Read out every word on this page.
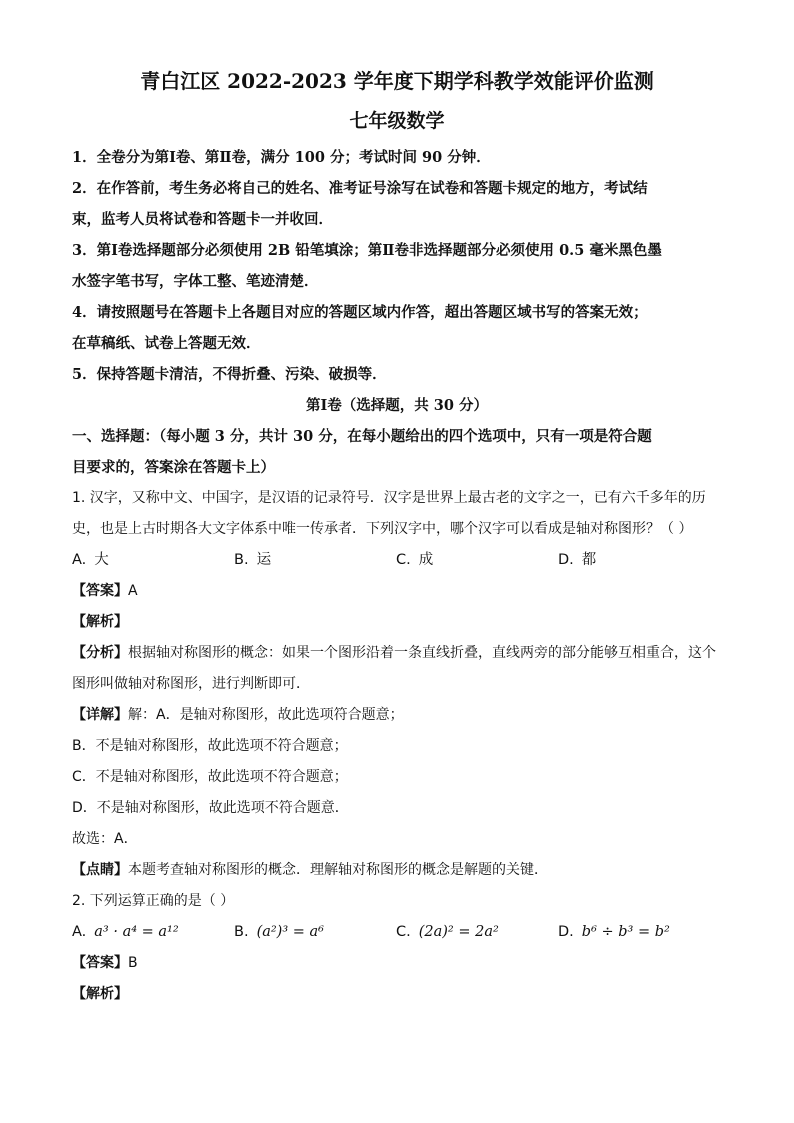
青白江区 2022-2023 学年度下期学科教学效能评价监测

七年级数学

1．全卷分为第Ⅰ卷、第Ⅱ卷，满分 100 分；考试时间 90 分钟．

2．在作答前，考生务必将自己的姓名、准考证号涂写在试卷和答题卡规定的地方，考试结

束，监考人员将试卷和答题卡一并收回．

3．第Ⅰ卷选择题部分必须使用 2B 铅笔填涂；第Ⅱ卷非选择题部分必须使用 0.5 毫米黑色墨

水签字笔书写，字体工整、笔迹清楚．

4．请按照题号在答题卡上各题目对应的答题区域内作答，超出答题区域书写的答案无效；

在草稿纸、试卷上答题无效．

5．保持答题卡清洁，不得折叠、污染、破损等．

第Ⅰ卷（选择题，共 30 分）

一、选择题：（每小题 3 分，共计 30 分，在每小题给出的四个选项中，只有一项是符合题

目要求的，答案涂在答题卡上）

1. 汉字，又称中文、中国字，是汉语的记录符号．汉字是世界上最古老的文字之一，已有六千多年的历

史，也是上古时期各大文字体系中唯一传承者．下列汉字中，哪个汉字可以看成是轴对称图形？（ ）

A. 大	B. 运	C. 成	D. 都

【答案】A

【解析】

【分析】根据轴对称图形的概念：如果一个图形沿着一条直线折叠，直线两旁的部分能够互相重合，这个

图形叫做轴对称图形，进行判断即可．

【详解】解：A．是轴对称图形，故此选项符合题意；

B．不是轴对称图形，故此选项不符合题意；

C．不是轴对称图形，故此选项不符合题意；

D．不是轴对称图形，故此选项不符合题意．

故选：A．

【点睛】本题考查轴对称图形的概念．理解轴对称图形的概念是解题的关键．

2. 下列运算正确的是（ ）

A. a³ · a⁴ = a¹²	B. (a²)³ = a⁶	C. (2a)² = 2a²	D. b⁶ ÷ b³ = b²

【答案】B

【解析】
